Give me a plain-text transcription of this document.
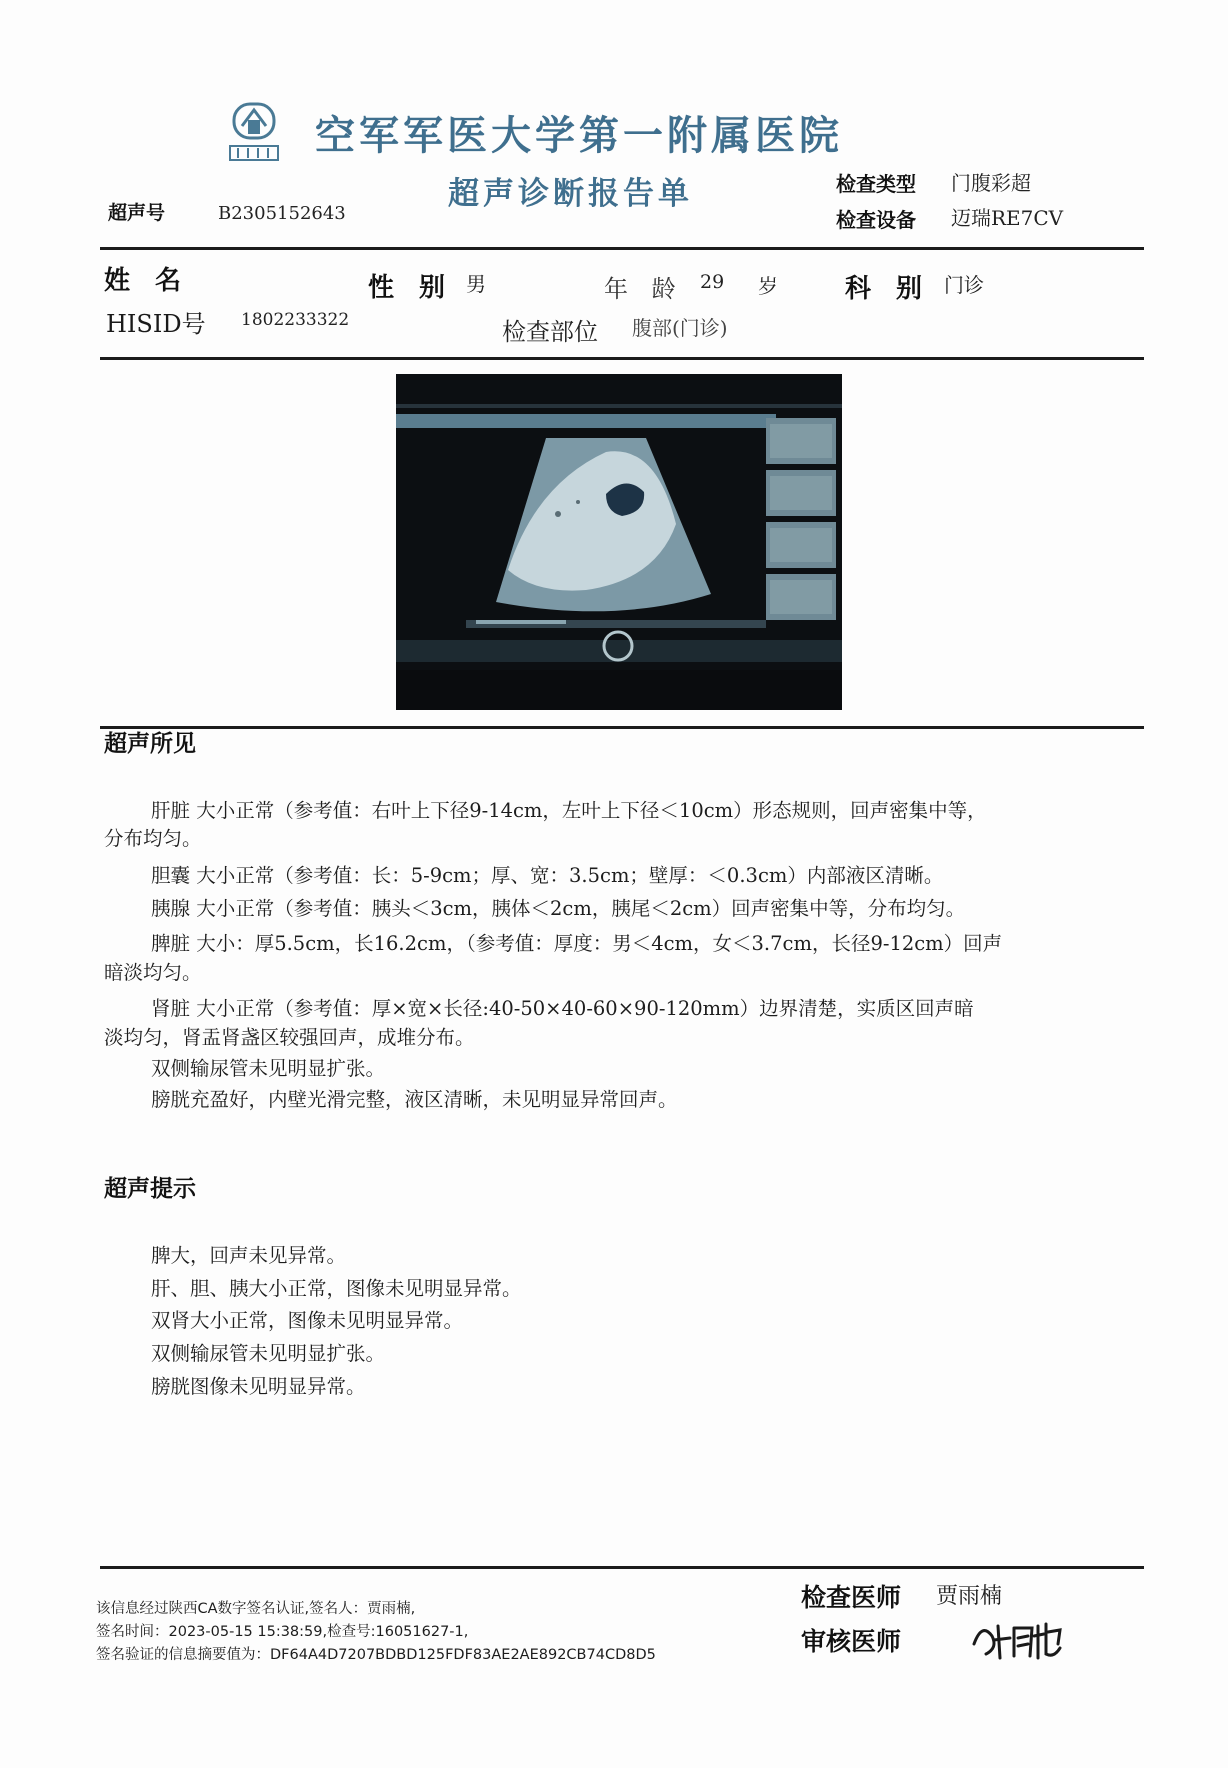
空军军医大学第一附属医院
超声诊断报告单
超声号	B2305152643
检查类型 门腹彩超
检查设备 迈瑞RE7CV
姓 名	性 别 男	年 龄 29 岁	科 别 门诊
HISID号 1802233322	检查部位 腹部(门诊)
超声所见
肝脏 大小正常（参考值：右叶上下径9-14cm，左叶上下径＜10cm）形态规则，回声密集中等，
分布均匀。
胆囊 大小正常（参考值：长：5-9cm；厚、宽：3.5cm；壁厚：＜0.3cm）内部液区清晰。
胰腺 大小正常（参考值：胰头＜3cm，胰体＜2cm，胰尾＜2cm）回声密集中等，分布均匀。
脾脏 大小：厚5.5cm，长16.2cm，（参考值：厚度：男＜4cm，女＜3.7cm，长径9-12cm）回声
暗淡均匀。
肾脏 大小正常（参考值：厚×宽×长径:40-50×40-60×90-120mm）边界清楚，实质区回声暗
淡均匀，肾盂肾盏区较强回声，成堆分布。
双侧输尿管未见明显扩张。
膀胱充盈好，内壁光滑完整，液区清晰，未见明显异常回声。
超声提示
脾大，回声未见异常。
肝、胆、胰大小正常，图像未见明显异常。
双肾大小正常，图像未见明显异常。
双侧输尿管未见明显扩张。
膀胱图像未见明显异常。
该信息经过陕西CA数字签名认证,签名人：贾雨楠,
签名时间：2023-05-15 15:38:59,检查号:16051627-1,
签名验证的信息摘要值为：DF64A4D7207BDBD125FDF83AE2AE892CB74CD8D5
检查医师 贾雨楠
审核医师
